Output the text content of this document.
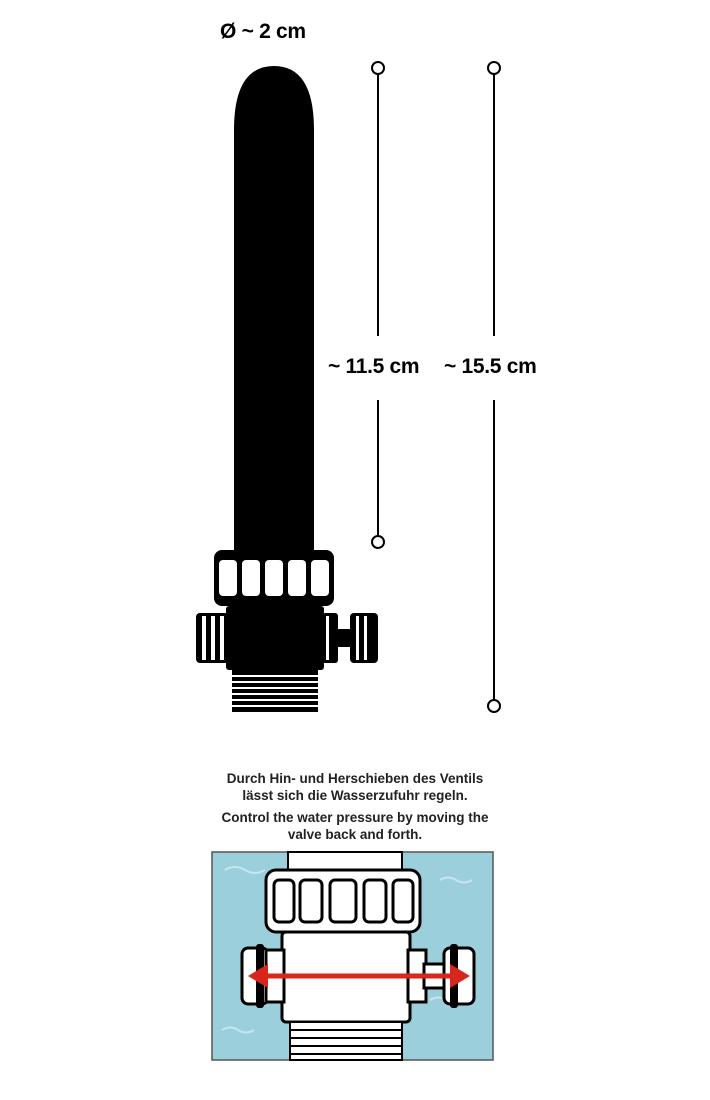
Ø ~ 2 cm
~ 11.5 cm ~ 15.5 cm
Durch Hin- und Herschieben des Ventils
lässt sich die Wasserzufuhr regeln.
Control the water pressure by moving the
valve back and forth.
